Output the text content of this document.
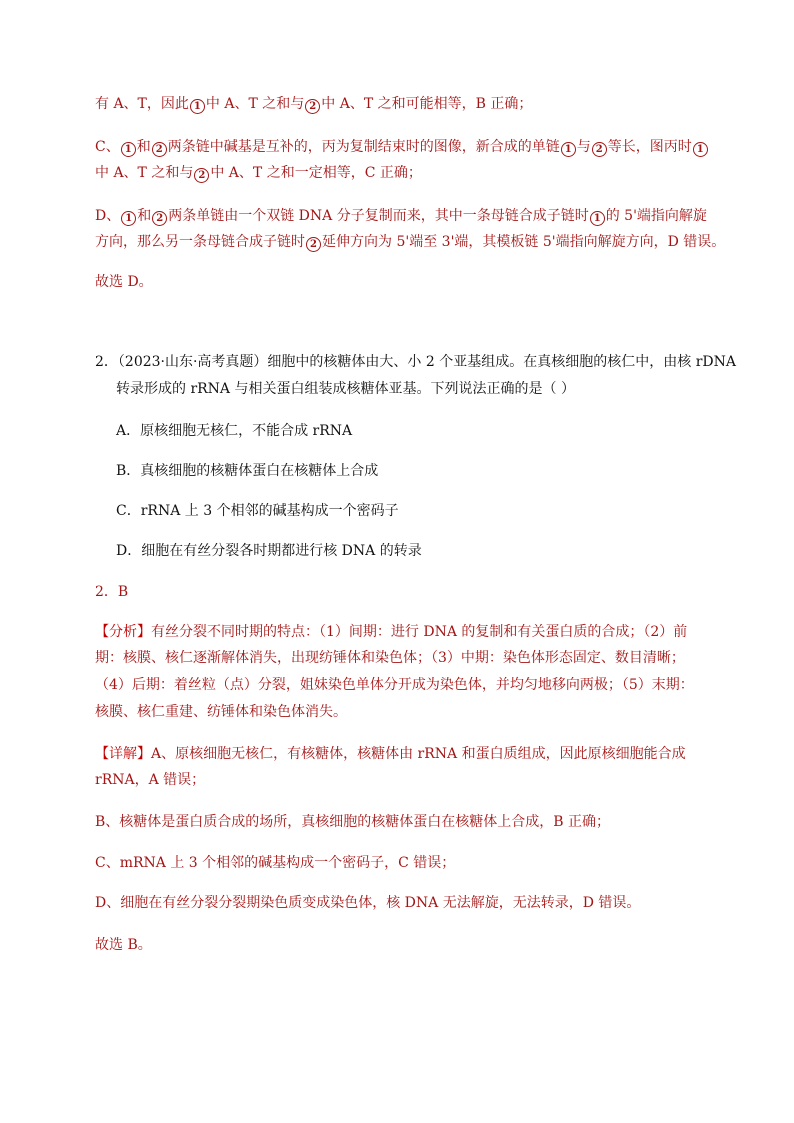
有 A、T，因此 1 中 A、T 之和与 2 中 A、T 之和可能相等，B 正确；
C、 1 和 2 两条链中碱基是互补的，丙为复制结束时的图像，新合成的单链 1 与 2 等长，图丙时 1
中 A、T 之和与 2 中 A、T 之和一定相等，C 正确；
D、 1 和 2 两条单链由一个双链 DNA 分子复制而来，其中一条母链合成子链时 1 的 5'端指向解旋
方向，那么另一条母链合成子链时 2 延伸方向为 5'端至 3'端，其模板链 5'端指向解旋方向，D 错误。
故选 D。
2．（2023·山东·高考真题）细胞中的核糖体由大、小 2 个亚基组成。在真核细胞的核仁中，由核 rDNA
转录形成的 rRNA 与相关蛋白组装成核糖体亚基。下列说法正确的是（ ）
A．原核细胞无核仁，不能合成 rRNA
B．真核细胞的核糖体蛋白在核糖体上合成
C．rRNA 上 3 个相邻的碱基构成一个密码子
D．细胞在有丝分裂各时期都进行核 DNA 的转录
2．B
【分析】有丝分裂不同时期的特点：（1）间期：进行 DNA 的复制和有关蛋白质的合成；（2）前
期：核膜、核仁逐渐解体消失，出现纺锤体和染色体；（3）中期：染色体形态固定、数目清晰；
（4）后期：着丝粒（点）分裂，姐妹染色单体分开成为染色体，并均匀地移向两极；（5）末期：
核膜、核仁重建、纺锤体和染色体消失。
【详解】A、原核细胞无核仁，有核糖体，核糖体由 rRNA 和蛋白质组成，因此原核细胞能合成
rRNA，A 错误；
B、核糖体是蛋白质合成的场所，真核细胞的核糖体蛋白在核糖体上合成，B 正确；
C、mRNA 上 3 个相邻的碱基构成一个密码子，C 错误；
D、细胞在有丝分裂分裂期染色质变成染色体，核 DNA 无法解旋，无法转录，D 错误。
故选 B。
